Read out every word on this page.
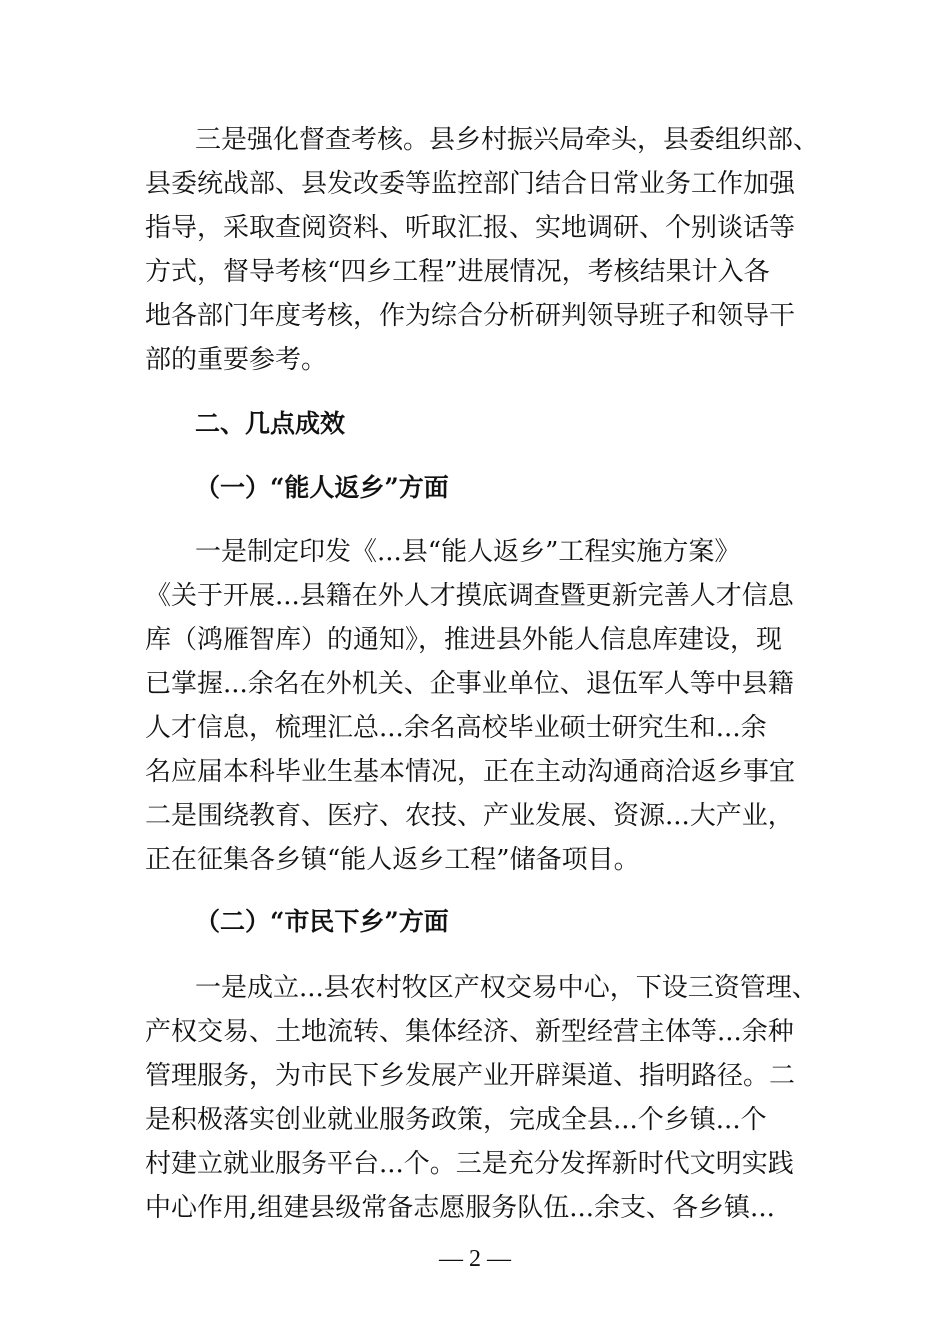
三是强化督查考核。县乡村振兴局牵头，县委组织部、
县委统战部、县发改委等监控部门结合日常业务工作加强
指导，采取查阅资料、听取汇报、实地调研、个别谈话等
方式，督导考核“四乡工程”进展情况，考核结果计入各
地各部门年度考核，作为综合分析研判领导班子和领导干
部的重要参考。
二、几点成效
（一）“能人返乡”方面
一是制定印发《...县“能人返乡”工程实施方案》
《关于开展...县籍在外人才摸底调查暨更新完善人才信息
库（鸿雁智库）的通知》，推进县外能人信息库建设，现
已掌握...余名在外机关、企事业单位、退伍军人等中县籍
人才信息，梳理汇总...余名高校毕业硕士研究生和...余
名应届本科毕业生基本情况，正在主动沟通商洽返乡事宜
二是围绕教育、医疗、农技、产业发展、资源...大产业，
正在征集各乡镇“能人返乡工程”储备项目。
（二）“市民下乡”方面
一是成立...县农村牧区产权交易中心，下设三资管理、
产权交易、土地流转、集体经济、新型经营主体等...余种
管理服务，为市民下乡发展产业开辟渠道、指明路径。二
是积极落实创业就业服务政策，完成全县...个乡镇...个
村建立就业服务平台...个。三是充分发挥新时代文明实践
中心作用,组建县级常备志愿服务队伍...余支、各乡镇...
— 2 —
